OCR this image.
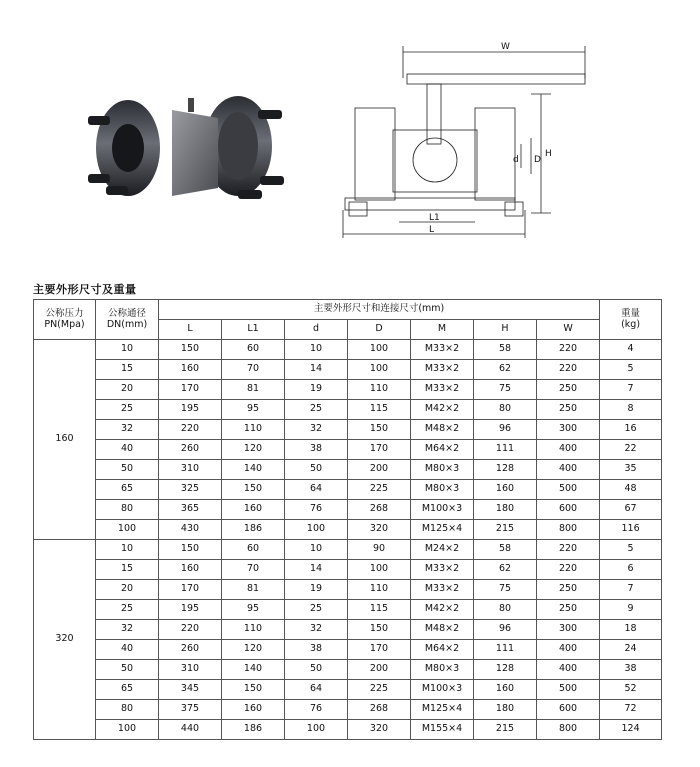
W
H
d D
L1
L
主要外形尺寸及重量
公称压力
PN(Mpa)	公称通径
DN(mm)	主要外形尺寸和连接尺寸(mm)							重量
(kg)
		L	L1	d	D	M	H	W	
160	10	150	60	10	100	M33×2	58	220	4
	15	160	70	14	100	M33×2	62	220	5
	20	170	81	19	110	M33×2	75	250	7
	25	195	95	25	115	M42×2	80	250	8
	32	220	110	32	150	M48×2	96	300	16
	40	260	120	38	170	M64×2	111	400	22
	50	310	140	50	200	M80×3	128	400	35
	65	325	150	64	225	M80×3	160	500	48
	80	365	160	76	268	M100×3	180	600	67
	100	430	186	100	320	M125×4	215	800	116
320	10	150	60	10	90	M24×2	58	220	5
	15	160	70	14	100	M33×2	62	220	6
	20	170	81	19	110	M33×2	75	250	7
	25	195	95	25	115	M42×2	80	250	9
	32	220	110	32	150	M48×2	96	300	18
	40	260	120	38	170	M64×2	111	400	24
	50	310	140	50	200	M80×3	128	400	38
	65	345	150	64	225	M100×3	160	500	52
	80	375	160	76	268	M125×4	180	600	72
	100	440	186	100	320	M155×4	215	800	124
